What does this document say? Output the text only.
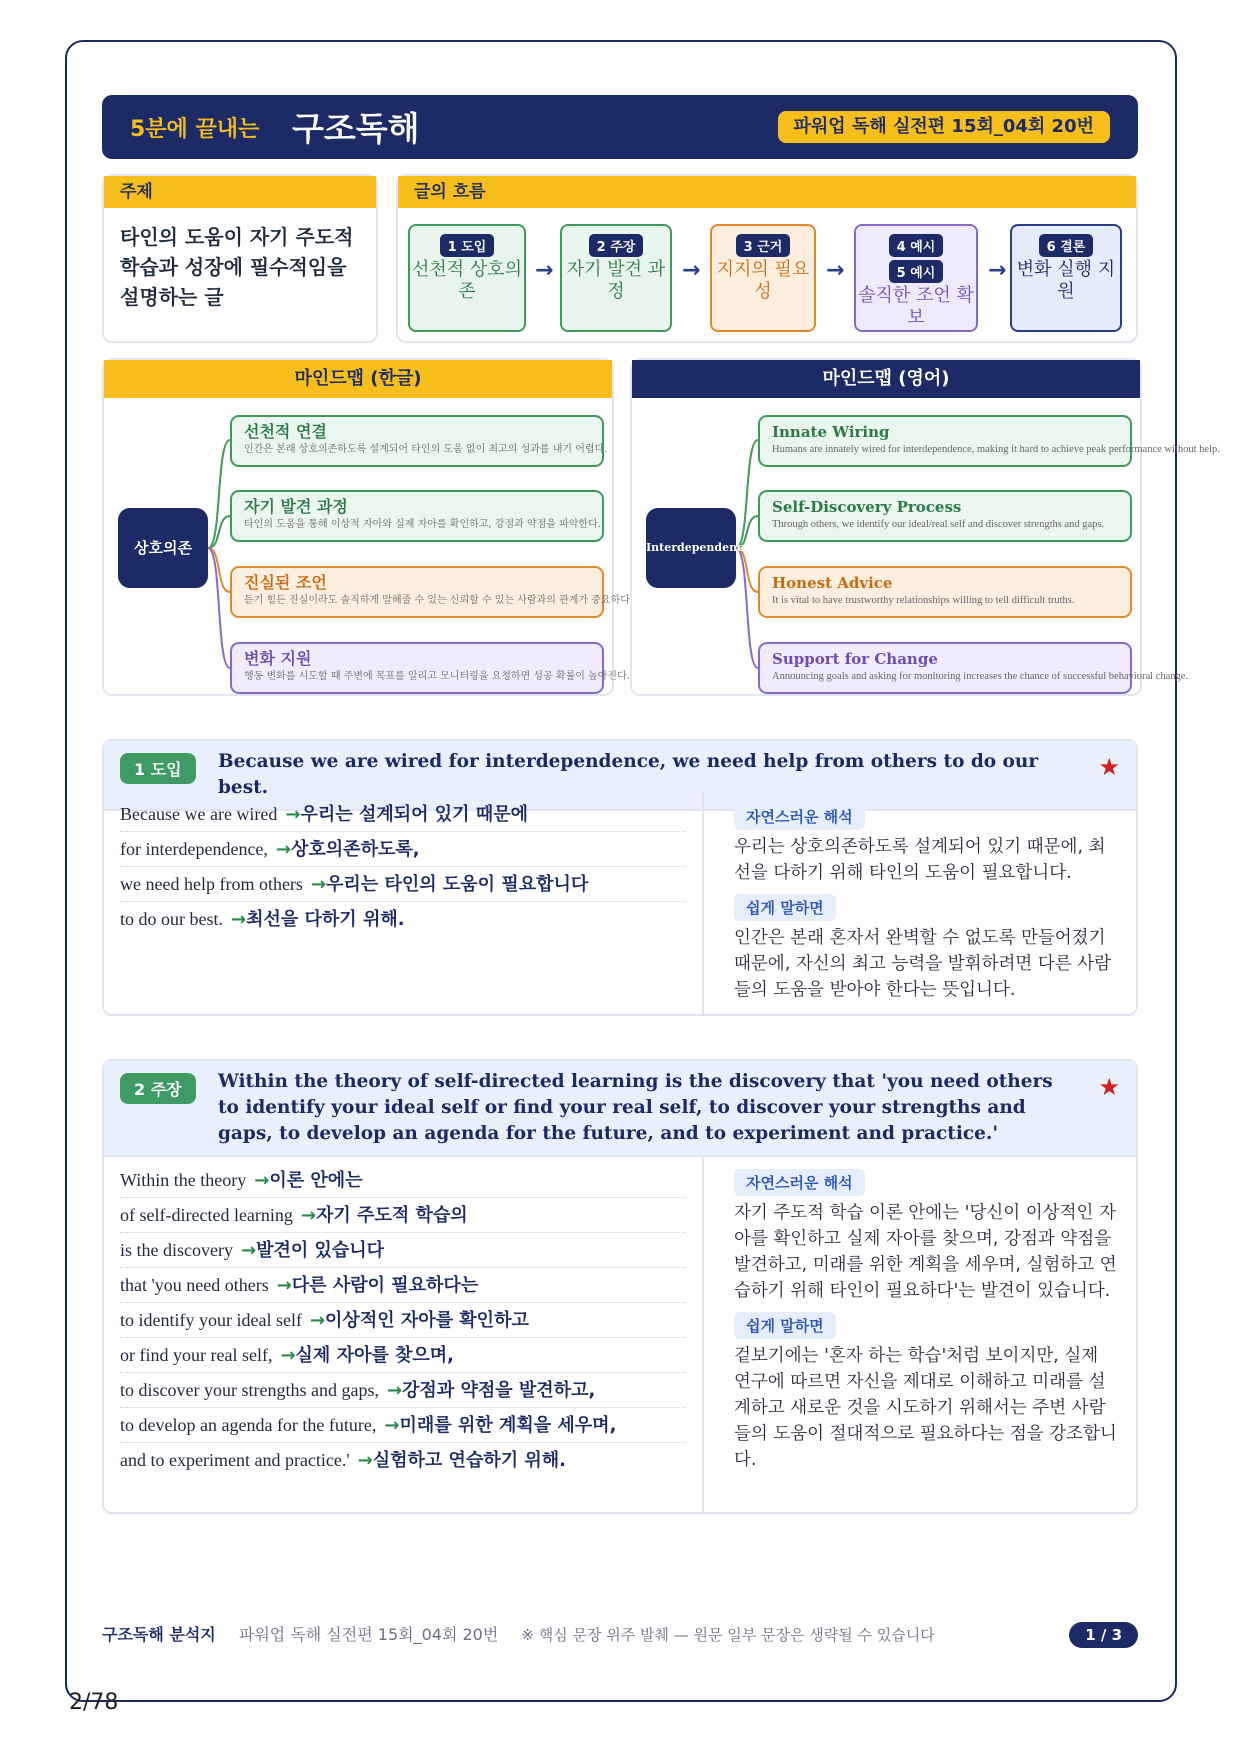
5분에 끝내는 구조독해	파워업 독해 실전편 15회_04회 20번
주제
타인의 도움이 자기 주도적 학습과 성장에 필수적임을 설명하는 글
글의 흐름
1 도입
선천적 상호의존
→
2 주장
자기 발견 과정
→
3 근거
지지의 필요성
→
4 예시
5 예시
솔직한 조언 확보
→
6 결론
변화 실행 지원
마인드맵 (한글)
상호의존
선천적 연결
인간은 본래 상호의존하도록 설계되어 타인의 도움 없이 최고의 성과를 내기 어렵다.
자기 발견 과정
타인의 도움을 통해 이상적 자아와 실제 자아를 확인하고, 강점과 약점을 파악한다.
진실된 조언
듣기 힘든 진실이라도 솔직하게 말해줄 수 있는 신뢰할 수 있는 사람과의 관계가 중요하다.
변화 지원
행동 변화를 시도할 때 주변에 목표를 알리고 모니터링을 요청하면 성공 확률이 높아진다.
마인드맵 (영어)
Interdependence
Innate Wiring
Humans are innately wired for interdependence, making it hard to achieve peak performance without help.
Self-Discovery Process
Through others, we identify our ideal/real self and discover strengths and gaps.
Honest Advice
It is vital to have trustworthy relationships willing to tell difficult truths.
Support for Change
Announcing goals and asking for monitoring increases the chance of successful behavioral change.
1 도입	Because we are wired for interdependence, we need help from others to do our best.
★
Because we are wired →우리는 설계되어 있기 때문에
for interdependence, →상호의존하도록,
we need help from others →우리는 타인의 도움이 필요합니다
to do our best. →최선을 다하기 위해.
자연스러운 해석
우리는 상호의존하도록 설계되어 있기 때문에, 최선을 다하기 위해 타인의 도움이 필요합니다.
쉽게 말하면
인간은 본래 혼자서 완벽할 수 없도록 만들어졌기 때문에, 자신의 최고 능력을 발휘하려면 다른 사람들의 도움을 받아야 한다는 뜻입니다.
2 주장	Within the theory of self-directed learning is the discovery that 'you need others to identify your ideal self or find your real self, to discover your strengths and gaps, to develop an agenda for the future, and to experiment and practice.'
★
Within the theory →이론 안에는
of self-directed learning →자기 주도적 학습의
is the discovery →발견이 있습니다
that 'you need others →다른 사람이 필요하다는
to identify your ideal self →이상적인 자아를 확인하고
or find your real self, →실제 자아를 찾으며,
to discover your strengths and gaps, →강점과 약점을 발견하고,
to develop an agenda for the future, →미래를 위한 계획을 세우며,
and to experiment and practice.' →실험하고 연습하기 위해.
자연스러운 해석
자기 주도적 학습 이론 안에는 '당신이 이상적인 자아를 확인하고 실제 자아를 찾으며, 강점과 약점을 발견하고, 미래를 위한 계획을 세우며, 실험하고 연습하기 위해 타인이 필요하다'는 발견이 있습니다.
쉽게 말하면
겉보기에는 '혼자 하는 학습'처럼 보이지만, 실제 연구에 따르면 자신을 제대로 이해하고 미래를 설계하고 새로운 것을 시도하기 위해서는 주변 사람들의 도움이 절대적으로 필요하다는 점을 강조합니다.
구조독해 분석지 파워업 독해 실전편 15회_04회 20번 ※ 핵심 문장 위주 발췌 — 원문 일부 문장은 생략될 수 있습니다	1 / 3
2/78
